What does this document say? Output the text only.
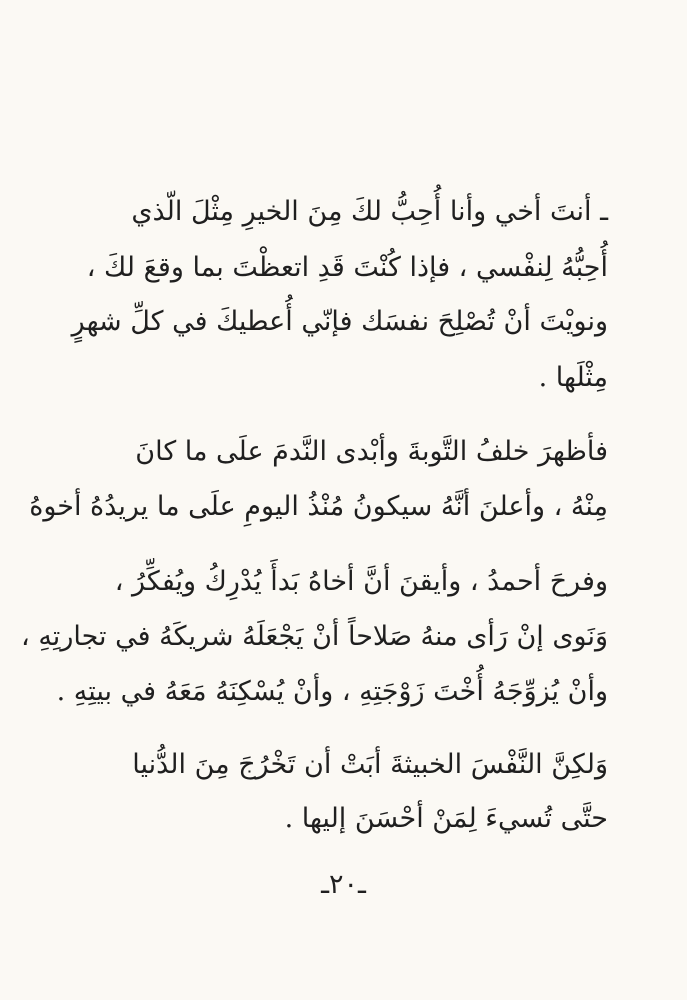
ـ أنتَ أخي وأنا أُحِبُّ لكَ مِنَ الخيرِ مِثْلَ الّذي
أُحِبُّهُ لِنفْسي ، فإذا كُنْتَ قَدِ اتعظْتَ بما وقعَ لكَ ،
ونويْتَ أنْ تُصْلِحَ نفسَك فإنّي أُعطيكَ في كلِّ شهرٍ
مِثْلَها .
فأظهرَ خلفُ التَّوبةَ وأبْدى النَّدمَ علَى ما كانَ
مِنْهُ ، وأعلنَ أنَّهُ سيكونُ مُنْذُ اليومِ علَى ما يريدُهُ أخوهُ
وفرحَ أحمدُ ، وأيقنَ أنَّ أخاهُ بَدأَ يُدْرِكُ ويُفكِّرُ ،
وَنَوى إنْ رَأى منهُ صَلاحاً أنْ يَجْعَلَهُ شريكَهُ في تجارتِهِ ،
وأنْ يُزوِّجَهُ أُخْتَ زَوْجَتِهِ ، وأنْ يُسْكِنَهُ مَعَهُ في بيتِهِ .
وَلكِنَّ النَّفْسَ الخبيثةَ أبَتْ أن تَخْرُجَ مِنَ الدُّنيا
حتَّى تُسيءَ لِمَنْ أحْسَنَ إليها .
ـ٢٠ـ
